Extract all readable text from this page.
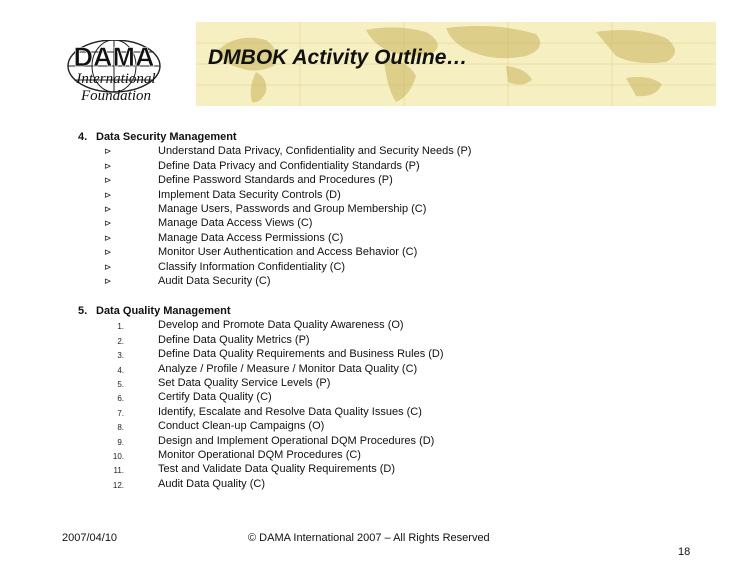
DAMA
International
Foundation
DMBOK Activity Outline…
4. Data Security Management
⊳	Understand Data Privacy, Confidentiality and Security Needs (P)
⊳	Define Data Privacy and Confidentiality Standards (P)
⊳	Define Password Standards and Procedures (P)
⊳	Implement Data Security Controls (D)
⊳	Manage Users, Passwords and Group Membership (C)
⊳	Manage Data Access Views (C)
⊳	Manage Data Access Permissions (C)
⊳	Monitor User Authentication and Access Behavior (C)
⊳	Classify Information Confidentiality (C)
⊳	Audit Data Security (C)
5. Data Quality Management
1.	Develop and Promote Data Quality Awareness (O)
2.	Define Data Quality Metrics (P)
3.	Define Data Quality Requirements and Business Rules (D)
4.	Analyze / Profile / Measure / Monitor Data Quality (C)
5.	Set Data Quality Service Levels (P)
6.	Certify Data Quality (C)
7.	Identify, Escalate and Resolve Data Quality Issues (C)
8.	Conduct Clean-up Campaigns (O)
9.	Design and Implement Operational DQM Procedures (D)
10.	Monitor Operational DQM Procedures (C)
11.	Test and Validate Data Quality Requirements (D)
12.	Audit Data Quality (C)
2007/04/10	© DAMA International 2007 – All Rights Reserved
18
